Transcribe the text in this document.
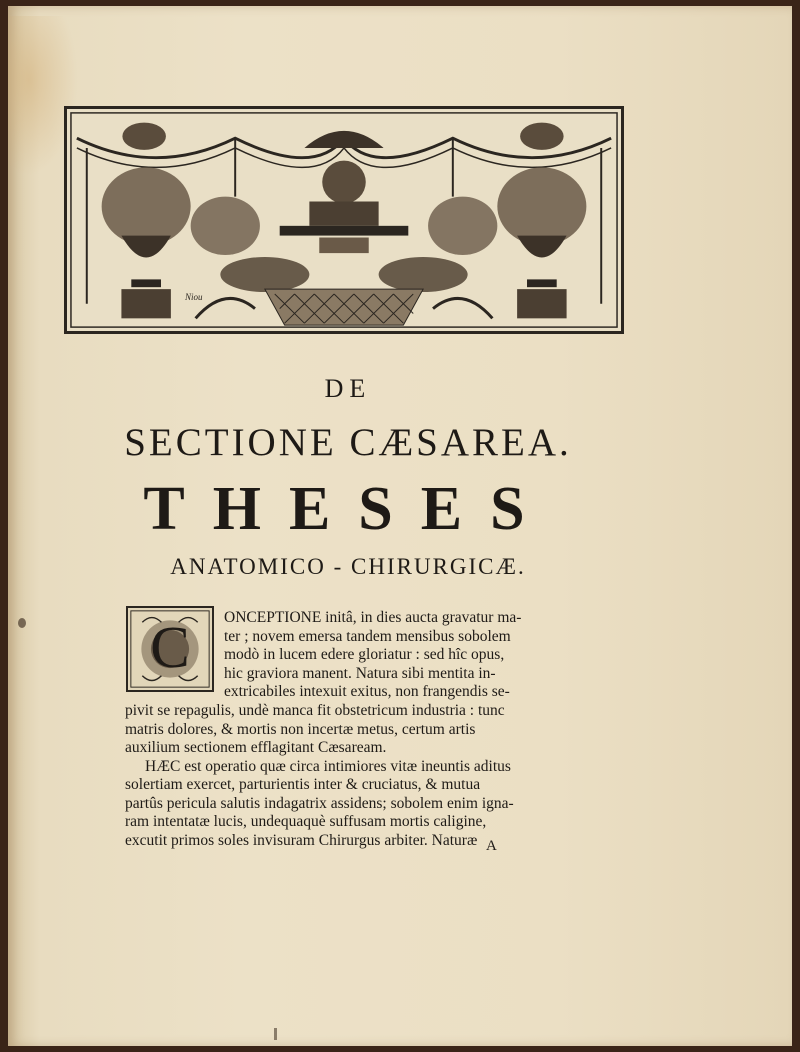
Niou
DE
SECTIONE CÆSAREA.
THESES
ANATOMICO - CHIRURGICÆ.
C ONCEPTIONE initâ, in dies aucta gravatur ma-
ter ; novem emersa tandem mensibus sobolem
modò in lucem edere gloriatur : sed hîc opus,
hic graviora manent. Natura sibi mentita in-
extricabiles intexuit exitus, non frangendis se-
pivit se repagulis, undè manca fit obstetricum industria : tunc
matris dolores, & mortis non incertæ metus, certum artis
auxilium sectionem efflagitant Cæsaream.
HÆC est operatio quæ circa intimiores vitæ ineuntis aditus
solertiam exercet, parturientis inter & cruciatus, & mutua
partûs pericula salutis indagatrix assidens; sobolem enim igna-
ram intentatæ lucis, undequaquè suffusam mortis caligine,
excutit primos soles invisuram Chirurgus arbiter. Naturæ A
